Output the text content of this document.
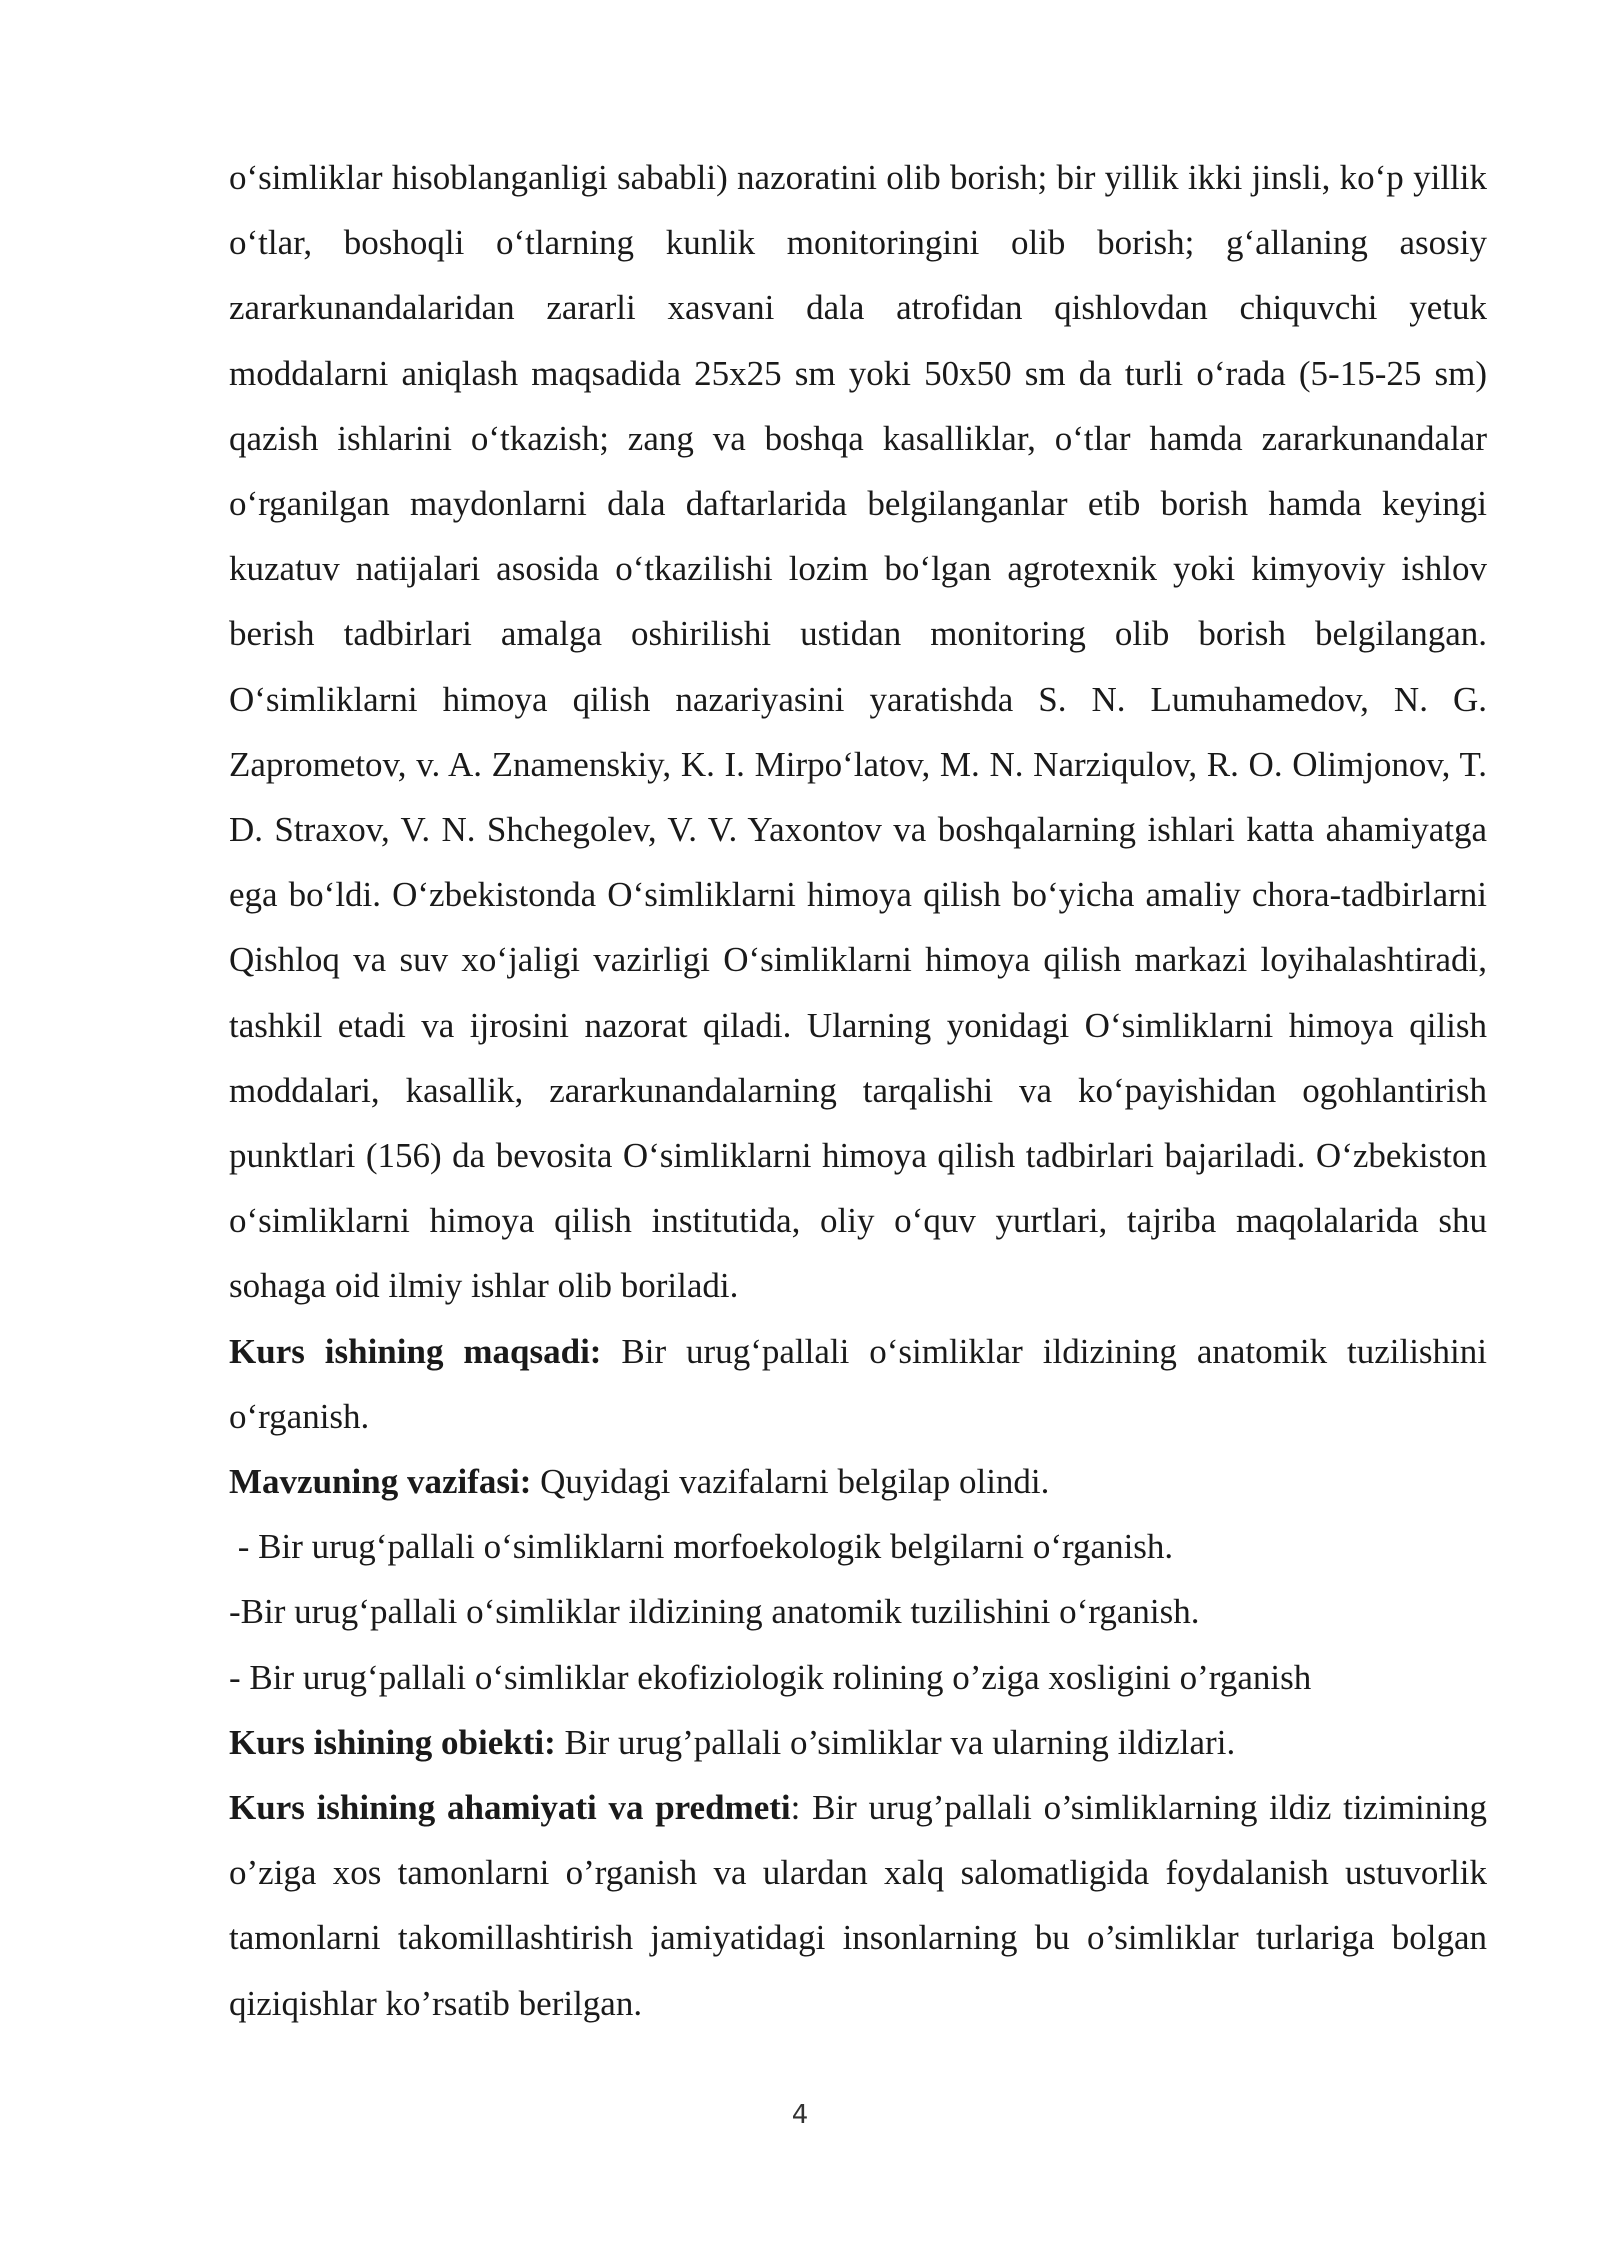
o‘simliklar hisoblanganligi sababli) nazoratini olib borish; bir yillik ikki jinsli, ko‘p yillik o‘tlar, boshoqli o‘tlarning kunlik monitoringini olib borish; g‘allaning asosiy zararkunandalaridan zararli xasvani dala atrofidan qishlovdan chiquvchi yetuk moddalarni aniqlash maqsadida 25x25 sm yoki 50x50 sm da turli o‘rada (5-15-25 sm) qazish ishlarini o‘tkazish; zang va boshqa kasalliklar, o‘tlar hamda zararkunandalar o‘rganilgan maydonlarni dala daftarlarida belgilanganlar etib borish hamda keyingi kuzatuv natijalari asosida o‘tkazilishi lozim bo‘lgan agrotexnik yoki kimyoviy ishlov berish tadbirlari amalga oshirilishi ustidan monitoring olib borish belgilangan. O‘simliklarni himoya qilish nazariyasini yaratishda S. N. Lumuhamedov, N. G. Zaprometov, v. A. Znamenskiy, K. I. Mirpo‘latov, M. N. Narziqulov, R. O. Olimjonov, T. D. Straxov, V. N. Shchegolev, V. V. Yaxontov va boshqalarning ishlari katta ahamiyatga ega bo‘ldi. O‘zbekistonda O‘simliklarni himoya qilish bo‘yicha amaliy chora-tadbirlarni Qishloq va suv xo‘jaligi vazirligi O‘simliklarni himoya qilish markazi loyihalashtiradi, tashkil etadi va ijrosini nazorat qiladi. Ularning yonidagi O‘simliklarni himoya qilish moddalari, kasallik, zararkunandalarning tarqalishi va ko‘payishidan ogohlantirish punktlari (156) da bevosita O‘simliklarni himoya qilish tadbirlari bajariladi. O‘zbekiston o‘simliklarni himoya qilish institutida, oliy o‘quv yurtlari, tajriba maqolalarida shu sohaga oid ilmiy ishlar olib boriladi.

Kurs ishining maqsadi: Bir urug‘pallali o‘simliklar ildizining anatomik tuzilishini o‘rganish.

Mavzuning vazifasi: Quyidagi vazifalarni belgilap olindi.

- Bir urug‘pallali o‘simliklarni morfoekologik belgilarni o‘rganish.

-Bir urug‘pallali o‘simliklar ildizining anatomik tuzilishini o‘rganish.

- Bir urug‘pallali o‘simliklar ekofiziologik rolining o’ziga xosligini o’rganish

Kurs ishining obiekti: Bir urug’pallali o’simliklar va ularning ildizlari.

Kurs ishining ahamiyati va predmeti: Bir urug’pallali o’simliklarning ildiz tizimining o’ziga xos tamonlarni o’rganish va ulardan xalq salomatligida foydalanish ustuvorlik tamonlarni takomillashtirish jamiyatidagi insonlarning bu o’simliklar turlariga bolgan qiziqishlar ko’rsatib berilgan.

4
